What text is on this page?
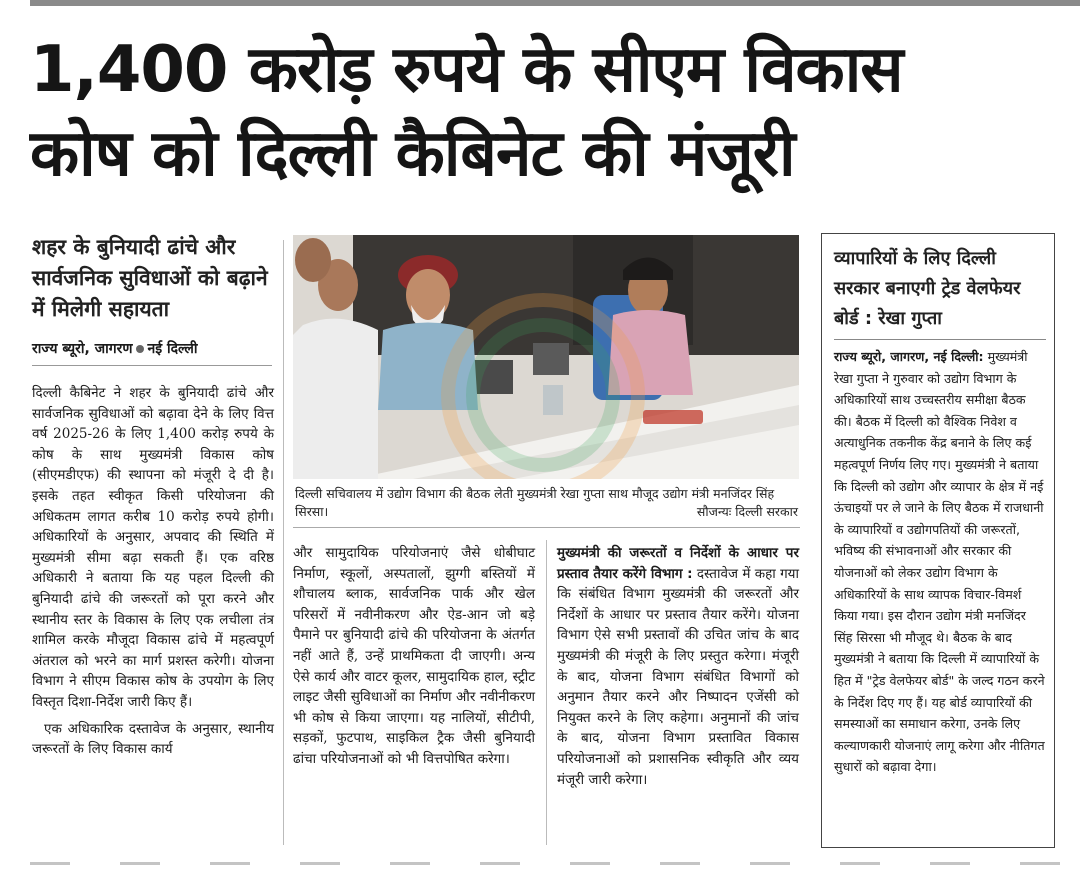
1,400 करोड़ रुपये के सीएम विकास
कोष को दिल्ली कैबिनेट की मंजूरी
शहर के बुनियादी ढांचे और सार्वजनिक सुविधाओं को बढ़ाने में मिलेगी सहायता
राज्य ब्यूरो, जागरण नई दिल्ली

दिल्ली कैबिनेट ने शहर के बुनियादी ढांचे और सार्वजनिक सुविधाओं को बढ़ावा देने के लिए वित्त वर्ष 2025-26 के लिए 1,400 करोड़ रुपये के कोष के साथ मुख्यमंत्री विकास कोष (सीएमडीएफ) की स्थापना को मंजूरी दे दी है। इसके तहत स्वीकृत किसी परियोजना की अधिकतम लागत करीब 10 करोड़ रुपये होगी। अधिकारियों के अनुसार, अपवाद की स्थिति में मुख्यमंत्री सीमा बढ़ा सकती हैं। एक वरिष्ठ अधिकारी ने बताया कि यह पहल दिल्ली की बुनियादी ढांचे की जरूरतों को पूरा करने और स्थानीय स्तर के विकास के लिए एक लचीला तंत्र शामिल करके मौजूदा विकास ढांचे में महत्वपूर्ण अंतराल को भरने का मार्ग प्रशस्त करेगी। योजना विभाग ने सीएम विकास कोष के उपयोग के लिए विस्तृत दिशा-निर्देश जारी किए हैं।

एक अधिकारिक दस्तावेज के अनुसार, स्थानीय जरूरतों के लिए विकास कार्य

दिल्ली सचिवालय में उद्योग विभाग की बैठक लेती मुख्यमंत्री रेखा गुप्ता साथ मौजूद उद्योग मंत्री मनजिंदर सिंह सिरसा।	सौजन्यः दिल्ली सरकार

और सामुदायिक परियोजनाएं जैसे धोबीघाट निर्माण, स्कूलों, अस्पतालों, झुग्गी बस्तियों में शौचालय ब्लाक, सार्वजनिक पार्क और खेल परिसरों में नवीनीकरण और ऐड-आन जो बड़े पैमाने पर बुनियादी ढांचे की परियोजना के अंतर्गत नहीं आते हैं, उन्हें प्राथमिकता दी जाएगी। अन्य ऐसे कार्य और वाटर कूलर, सामुदायिक हाल, स्ट्रीट लाइट जैसी सुविधाओं का निर्माण और नवीनीकरण भी कोष से किया जाएगा। यह नालियों, सीटीपी, सड़कों, फुटपाथ, साइकिल ट्रैक जैसी बुनियादी ढांचा परियोजनाओं को भी वित्तपोषित करेगा।

मुख्यमंत्री की जरूरतों व निर्देशों के आधार पर प्रस्ताव तैयार करेंगे विभाग : दस्तावेज में कहा गया कि संबंधित विभाग मुख्यमंत्री की जरूरतों और निर्देशों के आधार पर प्रस्ताव तैयार करेंगे। योजना विभाग ऐसे सभी प्रस्तावों की उचित जांच के बाद मुख्यमंत्री की मंजूरी के लिए प्रस्तुत करेगा। मंजूरी के बाद, योजना विभाग संबंधित विभागों को अनुमान तैयार करने और निष्पादन एजेंसी को नियुक्त करने के लिए कहेगा। अनुमानों की जांच के बाद, योजना विभाग प्रस्तावित विकास परियोजनाओं को प्रशासनिक स्वीकृति और व्यय मंजूरी जारी करेगा।

व्यापारियों के लिए दिल्ली सरकार बनाएगी ट्रेड वेलफेयर बोर्ड : रेखा गुप्ता
राज्य ब्यूरो, जागरण, नई दिल्ली: मुख्यमंत्री रेखा गुप्ता ने गुरुवार को उद्योग विभाग के अधिकारियों साथ उच्चस्तरीय समीक्षा बैठक की। बैठक में दिल्ली को वैश्विक निवेश व अत्याधुनिक तकनीक केंद्र बनाने के लिए कई महत्वपूर्ण निर्णय लिए गए। मुख्यमंत्री ने बताया कि दिल्ली को उद्योग और व्यापार के क्षेत्र में नई ऊंचाइयों पर ले जाने के लिए बैठक में राजधानी के व्यापारियों व उद्योगपतियों की जरूरतों, भविष्य की संभावनाओं और सरकार की योजनाओं को लेकर उद्योग विभाग के अधिकारियों के साथ व्यापक विचार-विमर्श किया गया। इस दौरान उद्योग मंत्री मनजिंदर सिंह सिरसा भी मौजूद थे। बैठक के बाद मुख्यमंत्री ने बताया कि दिल्ली में व्यापारियों के हित में "ट्रेड वेलफेयर बोर्ड" के जल्द गठन करने के निर्देश दिए गए हैं। यह बोर्ड व्यापारियों की समस्याओं का समाधान करेगा, उनके लिए कल्याणकारी योजनाएं लागू करेगा और नीतिगत सुधारों को बढ़ावा देगा।
